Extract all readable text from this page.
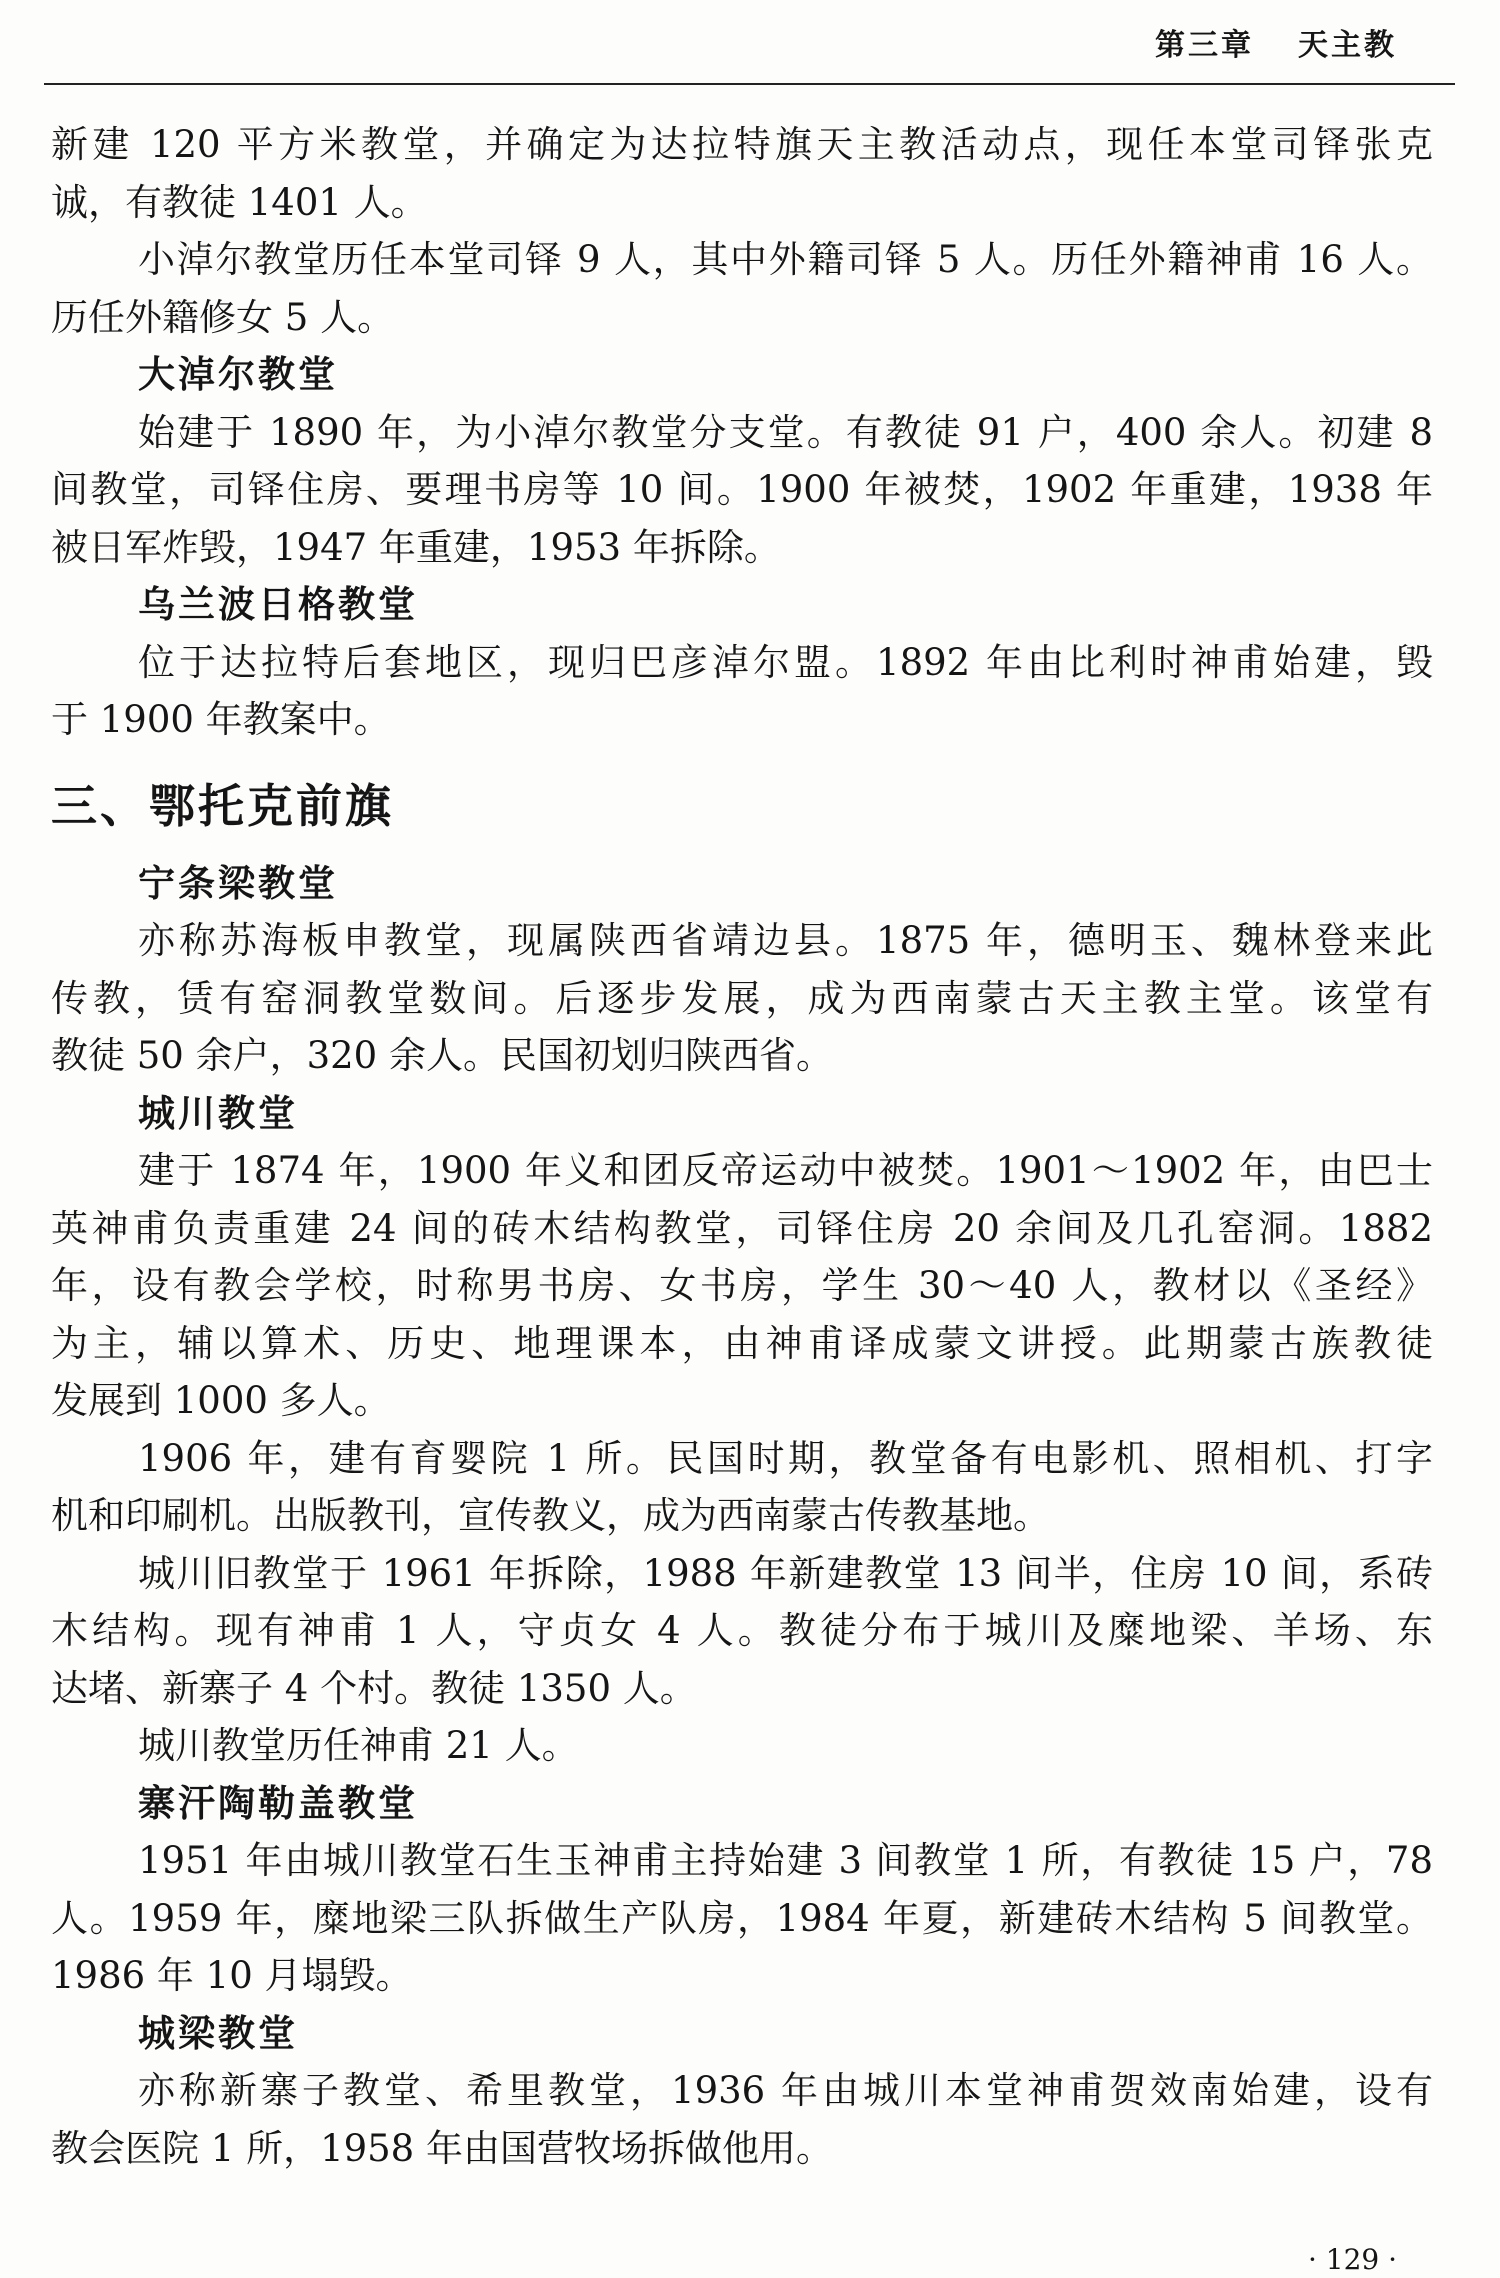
第三章 天主教
新建 120 平方米教堂，并确定为达拉特旗天主教活动点，现任本堂司铎张克
诚，有教徒 1401 人。
小淖尔教堂历任本堂司铎 9 人，其中外籍司铎 5 人。历任外籍神甫 16 人。
历任外籍修女 5 人。
大淖尔教堂
始建于 1890 年，为小淖尔教堂分支堂。有教徒 91 户，400 余人。初建 8
间教堂，司铎住房、要理书房等 10 间。1900 年被焚，1902 年重建，1938 年
被日军炸毁，1947 年重建，1953 年拆除。
乌兰波日格教堂
位于达拉特后套地区，现归巴彦淖尔盟。1892 年由比利时神甫始建，毁
于 1900 年教案中。
三、鄂托克前旗
宁条梁教堂
亦称苏海板申教堂，现属陕西省靖边县。1875 年，德明玉、魏林登来此
传教，赁有窑洞教堂数间。后逐步发展，成为西南蒙古天主教主堂。该堂有
教徒 50 余户，320 余人。民国初划归陕西省。
城川教堂
建于 1874 年，1900 年义和团反帝运动中被焚。1901～1902 年，由巴士
英神甫负责重建 24 间的砖木结构教堂，司铎住房 20 余间及几孔窑洞。1882
年，设有教会学校，时称男书房、女书房，学生 30～40 人，教材以《圣经》
为主，辅以算术、历史、地理课本，由神甫译成蒙文讲授。此期蒙古族教徒
发展到 1000 多人。
1906 年，建有育婴院 1 所。民国时期，教堂备有电影机、照相机、打字
机和印刷机。出版教刊，宣传教义，成为西南蒙古传教基地。
城川旧教堂于 1961 年拆除，1988 年新建教堂 13 间半，住房 10 间，系砖
木结构。现有神甫 1 人，守贞女 4 人。教徒分布于城川及糜地梁、羊场、东
达堵、新寨子 4 个村。教徒 1350 人。
城川教堂历任神甫 21 人。
寨汗陶勒盖教堂
1951 年由城川教堂石生玉神甫主持始建 3 间教堂 1 所，有教徒 15 户，78
人。1959 年，糜地梁三队拆做生产队房，1984 年夏，新建砖木结构 5 间教堂。
1986 年 10 月塌毁。
城梁教堂
亦称新寨子教堂、希里教堂，1936 年由城川本堂神甫贺效南始建，设有
教会医院 1 所，1958 年由国营牧场拆做他用。
· 129 ·
